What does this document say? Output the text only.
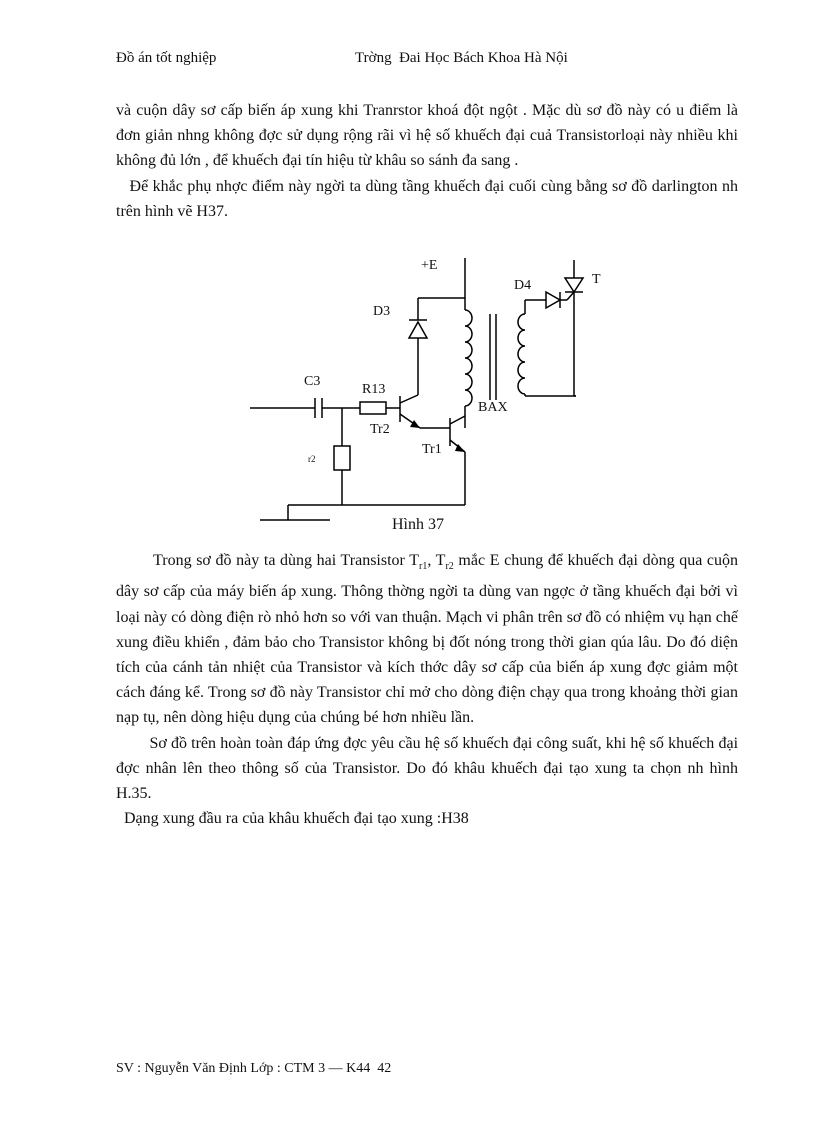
Đồ án tốt nghiệp	Trờng  Đai Học Bách Khoa Hà Nội

và cuộn dây sơ cấp biến áp xung khi Tranrstor khoá đột ngột . Mặc dù sơ đồ này có u điểm là đơn giản nhng không đợc sử dụng rộng rãi vì hệ số khuếch đại cuả Transistorloại này nhiều khi không đủ lớn , để khuếch đại tín hiệu từ khâu so sánh đa sang .

Để khắc phụ nhợc điểm này ngời ta dùng tầng khuếch đại cuối cùng bằng sơ đồ darlington nh trên hình vẽ H37.

+E
D3
D4	T
C3
R13
r2
Tr2
Tr1
BAX
Hình 37

Trong sơ đồ này ta dùng hai Transistor $T_{r1}$, $T_{r2}$ mắc E chung để khuếch đại dòng qua cuộn dây sơ cấp của máy biến áp xung. Thông thờng ngời ta dùng van ngợc ở tầng khuếch đại bởi vì loại này có dòng điện rò nhỏ hơn so với van thuận. Mạch vi phân trên sơ đồ có nhiệm vụ hạn chế xung điều khiển , đảm bảo cho Transistor không bị đốt nóng trong thời gian qúa lâu. Do đó diện tích của cánh tản nhiệt của Transistor và kích thớc dây sơ cấp của biến áp xung đợc giảm một cách đáng kể. Trong sơ đồ này Transistor chỉ mở cho dòng điện chạy qua trong khoảng thời gian nạp tụ, nên dòng hiệu dụng của chúng bé hơn nhiều lần.

Sơ đồ trên hoàn toàn đáp ứng đợc yêu cầu hệ số khuếch đại công suất, khi hệ số khuếch đại đợc nhân lên theo thông số của Transistor. Do đó khâu khuếch đại tạo xung ta chọn nh hình H.35.

Dạng xung đầu ra của khâu khuếch đại tạo xung :H38

SV : Nguyễn Văn Định Lớp : CTM 3 — K44  42
